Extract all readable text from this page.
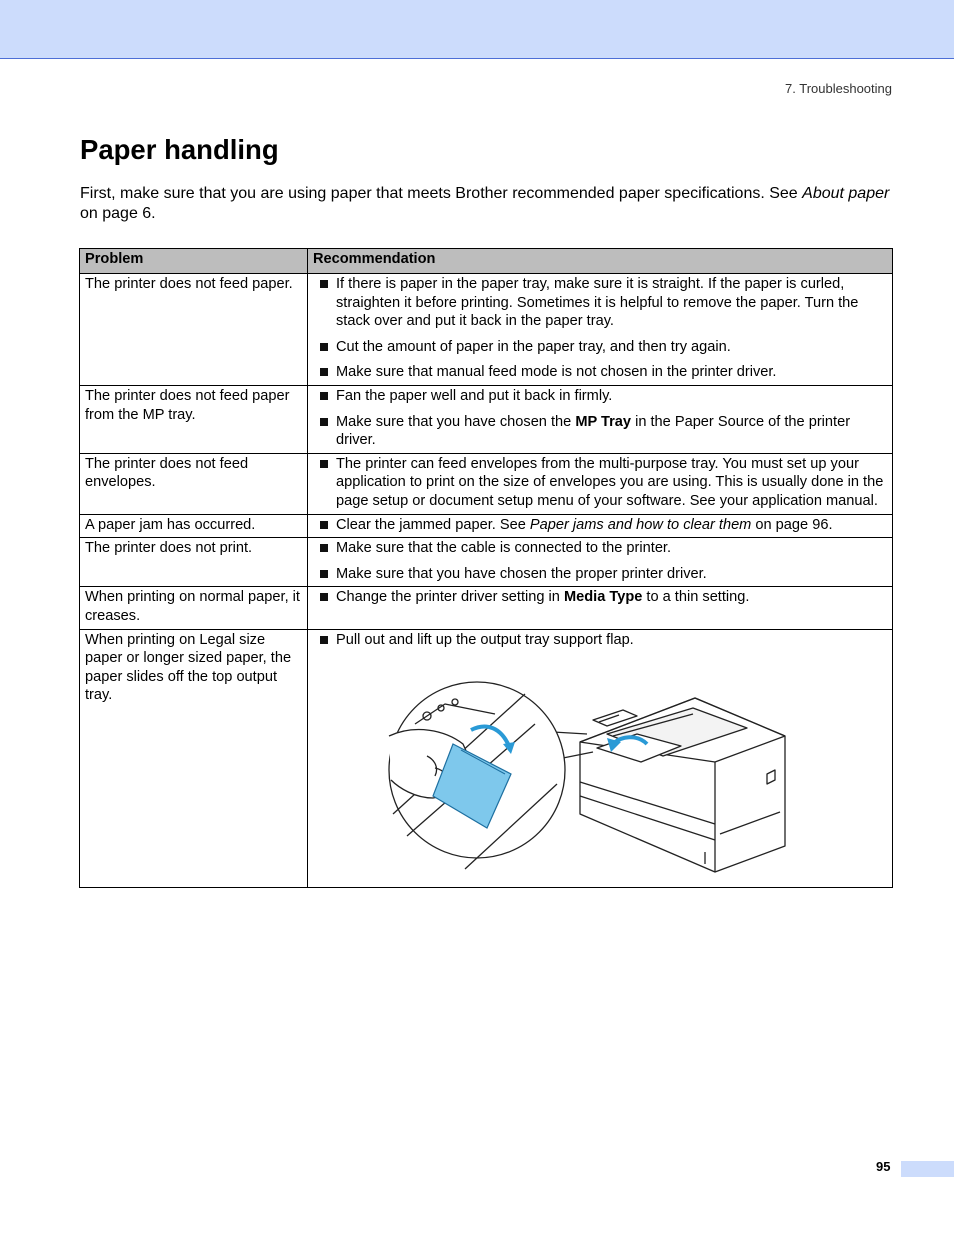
7. Troubleshooting
Paper handling

First, make sure that you are using paper that meets Brother recommended paper specifications. See About paper on page 6.

Problem	Recommendation
The printer does not feed paper.	If there is paper in the paper tray, make sure it is straight. If the paper is curled, straighten it before printing. Sometimes it is helpful to remove the paper. Turn the stack over and put it back in the paper tray.
Cut the amount of paper in the paper tray, and then try again.
Make sure that manual feed mode is not chosen in the printer driver.

The printer does not feed paper from the MP tray.	Fan the paper well and put it back in firmly.
Make sure that you have chosen the MP Tray in the Paper Source of the printer driver.

The printer does not feed envelopes.	The printer can feed envelopes from the multi-purpose tray. You must set up your application to print on the size of envelopes you are using. This is usually done in the page setup or document setup menu of your software. See your application manual.

A paper jam has occurred.	Clear the jammed paper. See Paper jams and how to clear them on page 96.

The printer does not print.	Make sure that the cable is connected to the printer.
Make sure that you have chosen the proper printer driver.

When printing on normal paper, it creases.	Change the printer driver setting in Media Type to a thin setting.

When printing on Legal size paper or longer sized paper, the paper slides off the top output tray.	Pull out and lift up the output tray support flap.
95
